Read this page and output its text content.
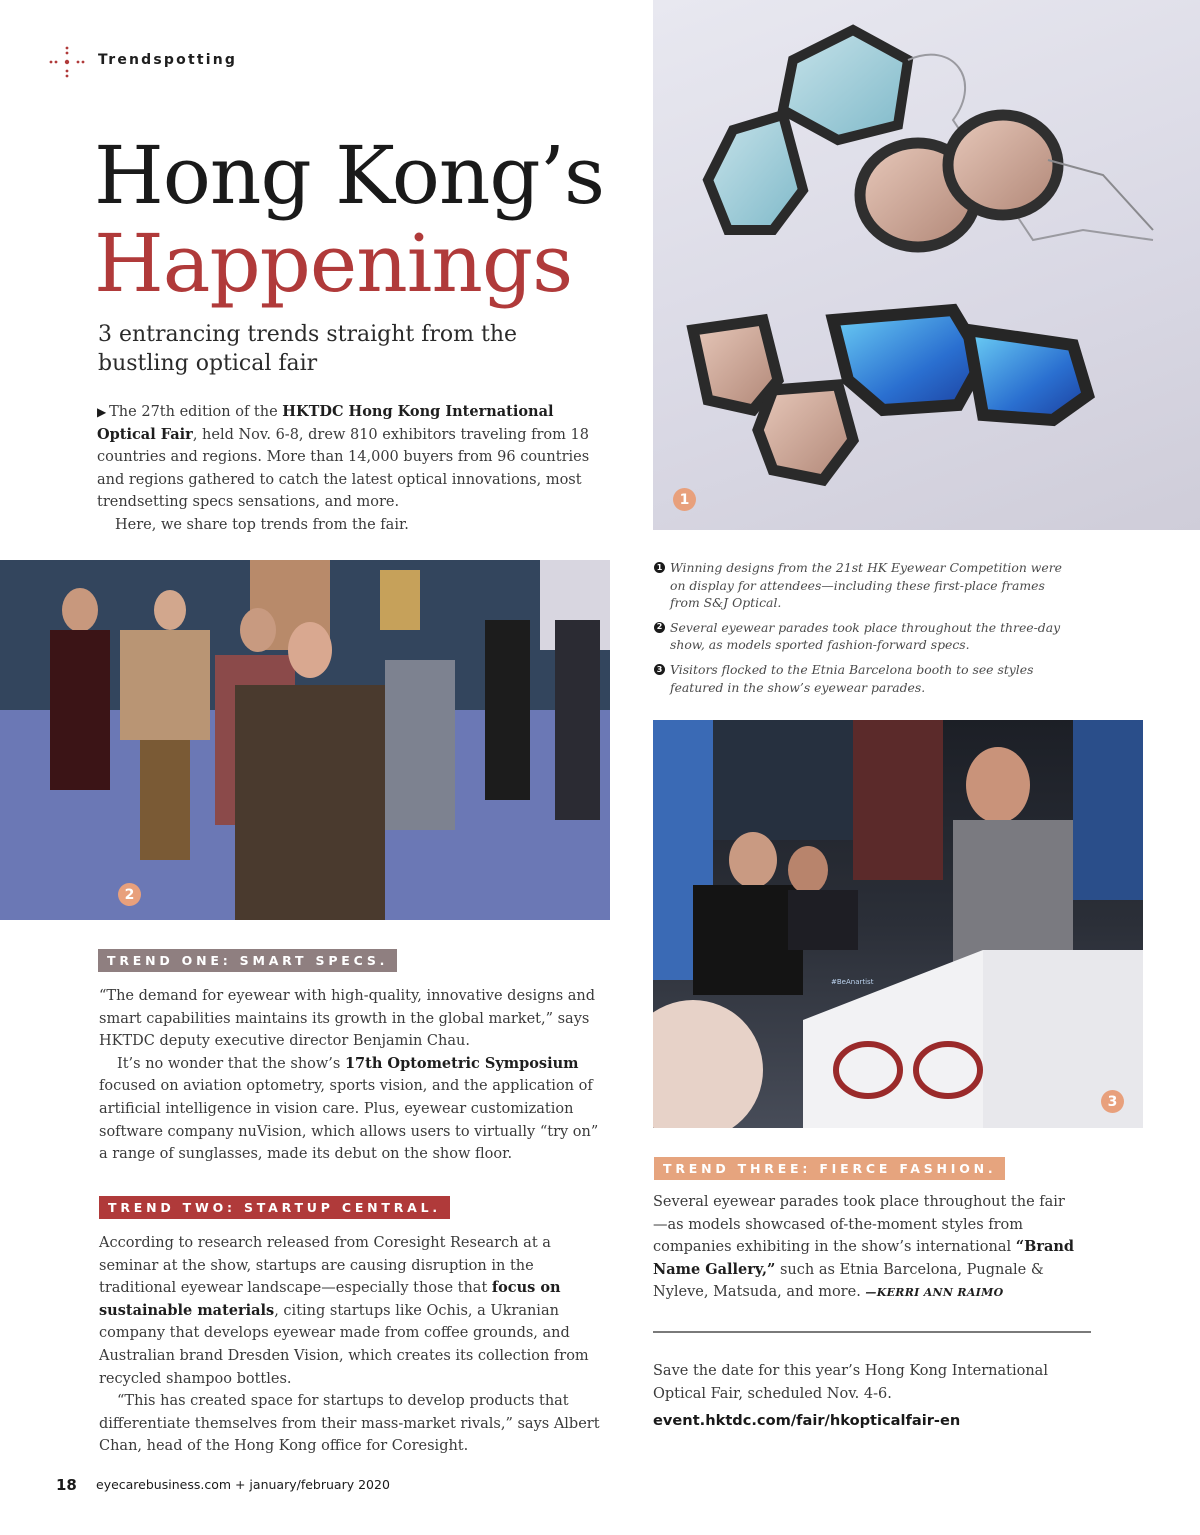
Trendspotting
Hong Kong’s
Happenings
3 entrancing trends straight from the bustling optical fair

▶  The 27th edition of the HKTDC Hong Kong International Optical Fair, held Nov. 6-8, drew 810 exhibitors traveling from 18 countries and regions. More than 14,000 buyers from 96 countries and regions gathered to catch the latest optical innovations, most trendsetting specs sensations, and more.

Here, we share top trends from the fair.

1
1 Winning designs from the 21st HK Eyewear Competition were on display for attendees—including these first-place frames from S&J Optical.
2 Several eyewear parades took place throughout the three-day show, as models sported fashion-forward specs.
3 Visitors flocked to the Etnia Barcelona booth to see styles featured in the show’s eyewear parades.
2
#BeAnartist
3
TREND ONE: SMART SPECS.

“The demand for eyewear with high-quality, innovative designs and smart capabilities maintains its growth in the global market,” says HKTDC deputy executive director Benjamin Chau.

It’s no wonder that the show’s 17th Optometric Symposium focused on aviation optometry, sports vision, and the application of artificial intelligence in vision care. Plus, eyewear customization software company nuVision, which allows users to virtually “try on” a range of sunglasses, made its debut on the show floor.

TREND TWO: STARTUP CENTRAL.

According to research released from Coresight Research at a seminar at the show, startups are causing disruption in the traditional eyewear landscape—especially those that focus on sustainable materials, citing startups like Ochis, a Ukranian company that develops eyewear made from coffee grounds, and Australian brand Dresden Vision, which creates its collection from recycled shampoo bottles.

“This has created space for startups to develop products that differentiate themselves from their mass-market rivals,” says Albert Chan, head of the Hong Kong office for Coresight.

TREND THREE: FIERCE FASHION.

Several eyewear parades took place throughout the fair—as models showcased of-the-moment styles from companies exhibiting in the show’s international “Brand Name Gallery,” such as Etnia Barcelona, Pugnale & Nyleve, Matsuda, and more. —KERRI ANN RAIMO

Save the date for this year’s Hong Kong International Optical Fair, scheduled Nov. 4-6.
event.hktdc.com/fair/hkopticalfair-en
18 eyecarebusiness.com + january/february 2020
